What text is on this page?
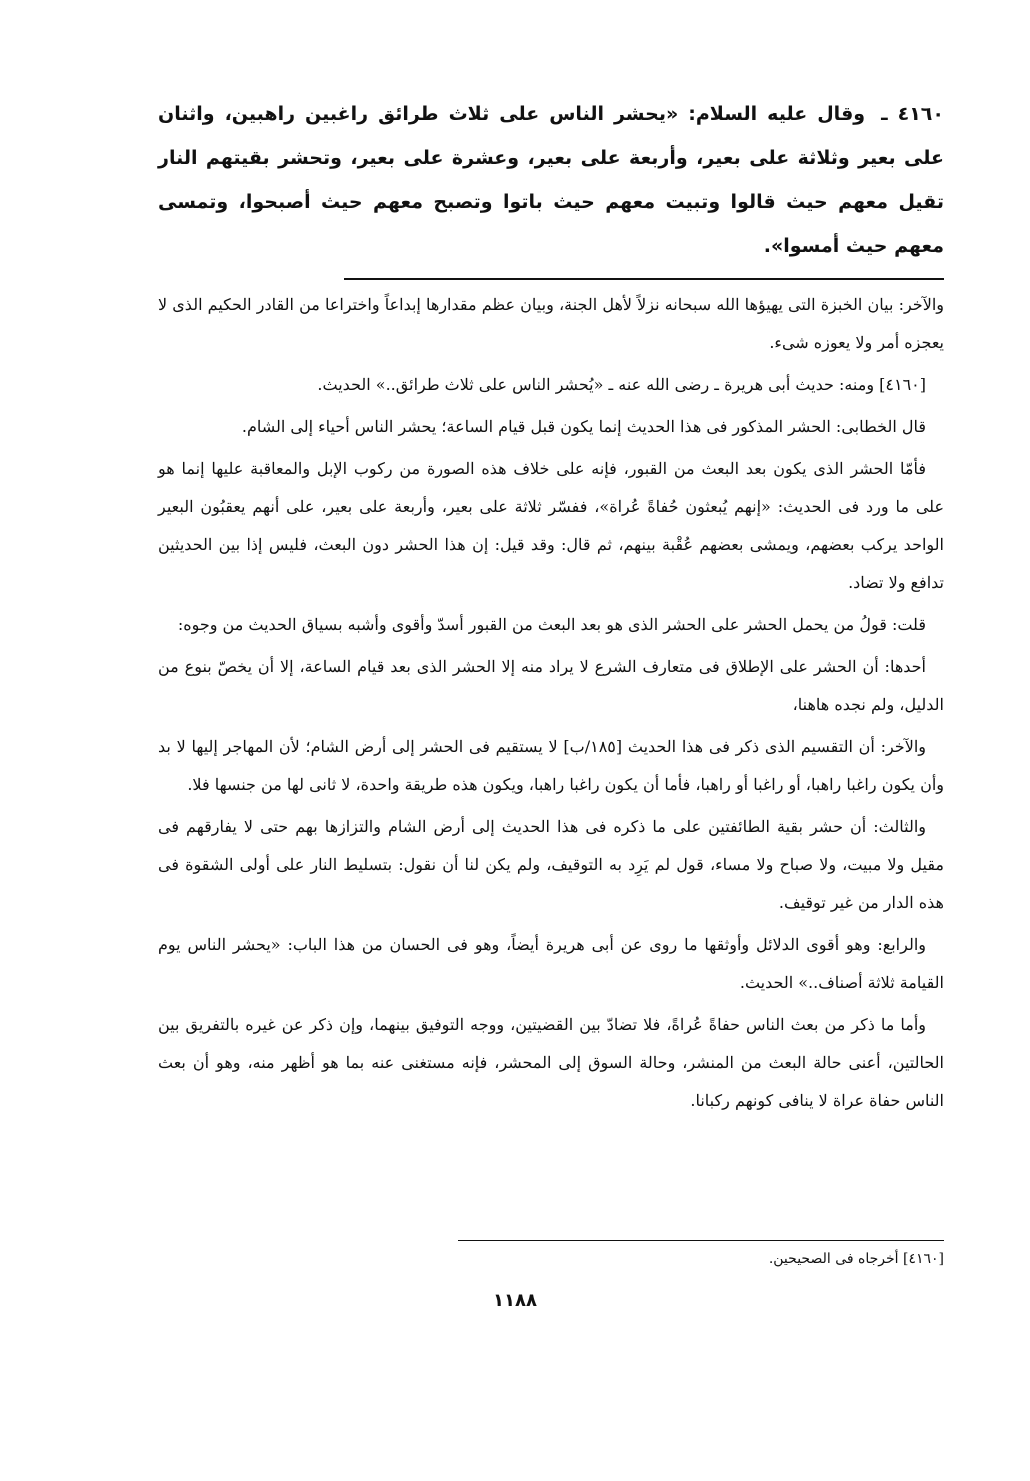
٤١٦٠ ـ وقال عليه السلام: «يحشر الناس على ثلاث طرائق راغبين راهبين، واثنان على بعير وثلاثة على بعير، وأربعة على بعير، وعشرة على بعير، وتحشر بقيتهم النار تقيل معهم حيث قالوا وتبيت معهم حيث باتوا وتصبح معهم حيث أصبحوا، وتمسى معهم حيث أمسوا».

والآخر: بيان الخبزة التى يهيؤها الله سبحانه نزلاً لأهل الجنة، وبيان عظم مقدارها إبداعاً واختراعا من القادر الحكيم الذى لا يعجزه أمر ولا يعوزه شىء.

[٤١٦٠] ومنه: حديث أبى هريرة ـ رضى الله عنه ـ «يُحشر الناس على ثلاث طرائق..» الحديث.

قال الخطابى: الحشر المذكور فى هذا الحديث إنما يكون قبل قيام الساعة؛ يحشر الناس أحياء إلى الشام.

فأمّا الحشر الذى يكون بعد البعث من القبور، فإنه على خلاف هذه الصورة من ركوب الإبل والمعاقبة عليها إنما هو على ما ورد فى الحديث: «إنهم يُبعثون حُفاةً عُراة»، ففسّر ثلاثة على بعير، وأربعة على بعير، على أنهم يعقبُون البعير الواحد يركب بعضهم، ويمشى بعضهم عُقْبة بينهم، ثم قال: وقد قيل: إن هذا الحشر دون البعث، فليس إذا بين الحديثين تدافع ولا تضاد.

قلت: قولُ من يحمل الحشر على الحشر الذى هو بعد البعث من القبور أسدّ وأقوى وأشبه بسياق الحديث من وجوه:

أحدها: أن الحشر على الإطلاق فى متعارف الشرع لا يراد منه إلا الحشر الذى بعد قيام الساعة، إلا أن يخصّ بنوع من الدليل، ولم نجده هاهنا،

والآخر: أن التقسيم الذى ذكر فى هذا الحديث [١٨٥/ب] لا يستقيم فى الحشر إلى أرض الشام؛ لأن المهاجر إليها لا بد وأن يكون راغبا راهبا، أو راغبا أو راهبا، فأما أن يكون راغبا راهبا، ويكون هذه طريقة واحدة، لا ثانى لها من جنسها فلا.

والثالث: أن حشر بقية الطائفتين على ما ذكره فى هذا الحديث إلى أرض الشام والتزازها بهم حتى لا يفارقهم فى مقيل ولا مبيت، ولا صباح ولا مساء، قول لم يَرِد به التوقيف، ولم يكن لنا أن نقول: بتسليط النار على أولى الشقوة فى هذه الدار من غير توقيف.

والرابع: وهو أقوى الدلائل وأوثقها ما روى عن أبى هريرة أيضاً، وهو فى الحسان من هذا الباب: «يحشر الناس يوم القيامة ثلاثة أصناف..» الحديث.

وأما ما ذكر من بعث الناس حفاةً عُراةً، فلا تضادّ بين القضيتين، ووجه التوفيق بينهما، وإن ذكر عن غيره بالتفريق بين الحالتين، أعنى حالة البعث من المنشر، وحالة السوق إلى المحشر، فإنه مستغنى عنه بما هو أظهر منه، وهو أن بعث الناس حفاة عراة لا ينافى كونهم ركبانا.

[٤١٦٠] أخرجاه فى الصحيحين.
١١٨٨
